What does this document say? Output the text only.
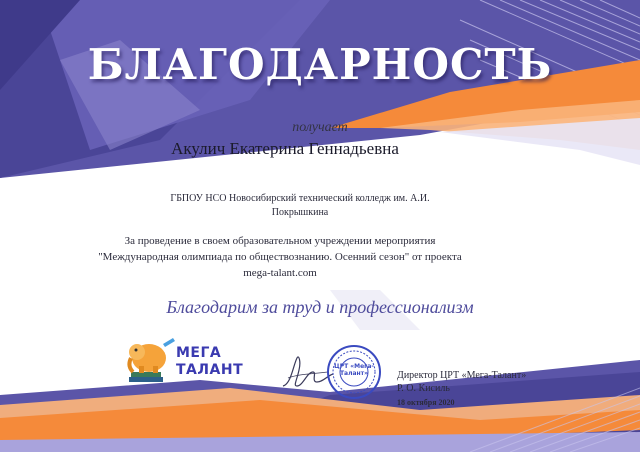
БЛАГОДАРНОСТЬ
получает
Акулич Екатерина Геннадьевна
ГБПОУ НСО Новосибирский технический колледж им. А.И. Покрышкина
За проведение в своем образовательном учреждении мероприятия "Международная олимпиада по обществознанию. Осенний сезон" от проекта mega-talant.com
Благодарим за труд и профессионализм
МЕГА
ТАЛАНТ	ЦРТ «Мега-Талант»	Директор ЦРТ «Мега-Талант»
Р. О. Кисиль
18 октября 2020
